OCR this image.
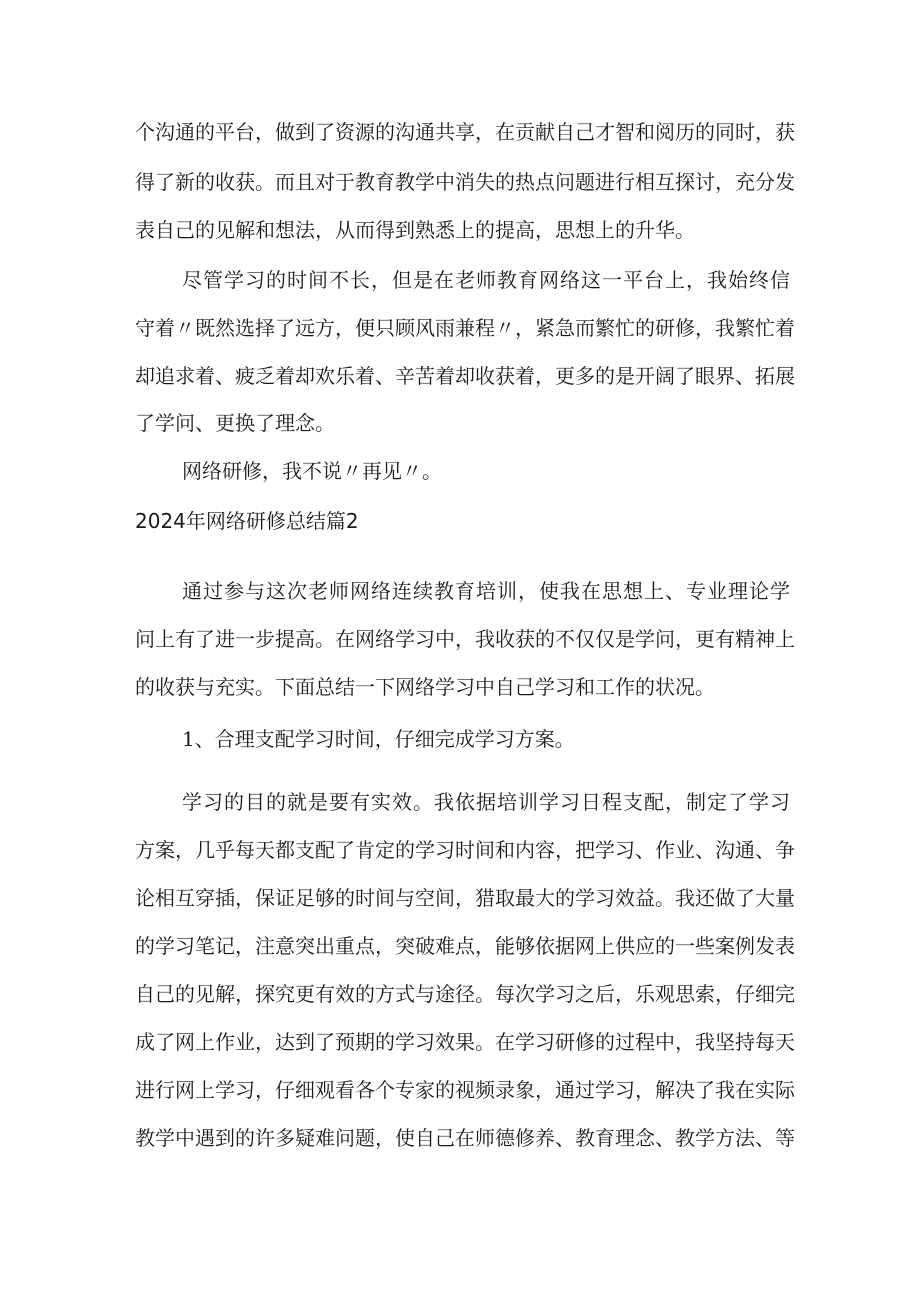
个沟通的平台，做到了资源的沟通共享，在贡献自己才智和阅历的同时，获
得了新的收获。而且对于教育教学中消失的热点问题进行相互探讨，充分发
表自己的见解和想法，从而得到熟悉上的提高，思想上的升华。
尽管学习的时间不长，但是在老师教育网络这一平台上，我始终信
守着〃既然选择了远方，便只顾风雨兼程〃，紧急而繁忙的研修，我繁忙着
却追求着、疲乏着却欢乐着、辛苦着却收获着，更多的是开阔了眼界、拓展
了学问、更换了理念。
网络研修，我不说〃再见〃。
2024年网络研修总结篇2
通过参与这次老师网络连续教育培训，使我在思想上、专业理论学
问上有了进一步提高。在网络学习中，我收获的不仅仅是学问，更有精神上
的收获与充实。下面总结一下网络学习中自己学习和工作的状况。
1、合理支配学习时间，仔细完成学习方案。
学习的目的就是要有实效。我依据培训学习日程支配，制定了学习
方案，几乎每天都支配了肯定的学习时间和内容，把学习、作业、沟通、争
论相互穿插，保证足够的时间与空间，猎取最大的学习效益。我还做了大量
的学习笔记，注意突出重点，突破难点，能够依据网上供应的一些案例发表
自己的见解，探究更有效的方式与途径。每次学习之后，乐观思索，仔细完
成了网上作业，达到了预期的学习效果。在学习研修的过程中，我坚持每天
进行网上学习，仔细观看各个专家的视频录象，通过学习，解决了我在实际
教学中遇到的许多疑难问题，使自己在师德修养、教育理念、教学方法、等
